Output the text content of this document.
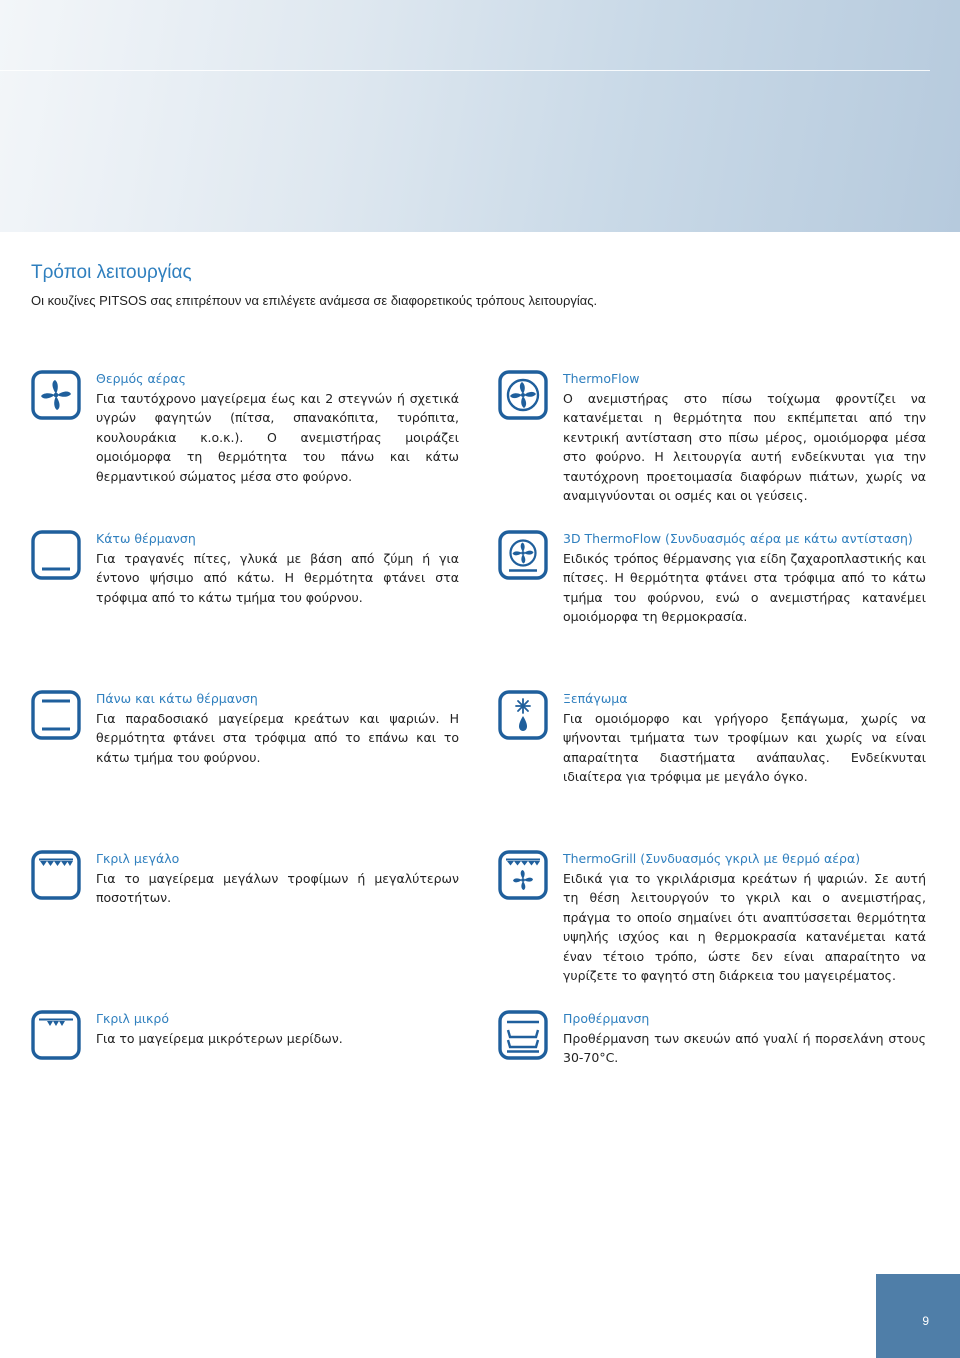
Τρόποι λειτουργίας

Οι κουζίνες PITSOS σας επιτρέπουν να επιλέγετε ανάμεσα σε διαφορετικούς τρόπους λειτουργίας.

Θερμός αέρας
Για ταυτόχρονο μαγείρεμα έως και 2 στεγνών ή σχετικά υγρών φαγητών (πίτσα, σπανακόπιτα, τυρόπιτα, κουλουράκια κ.ο.κ.). Ο ανεμιστήρας μοιράζει ομοιόμορφα τη θερμότητα του πάνω και κάτω θερμαντικού σώματος μέσα στο φούρνο.
ThermoFlow
Ο ανεμιστήρας στο πίσω τοίχωμα φροντίζει να κατανέμεται η θερμότητα που εκπέμπεται από την κεντρική αντίσταση στο πίσω μέρος, ομοιόμορφα μέσα στο φούρνο. Η λειτουργία αυτή ενδείκνυται για την ταυτόχρονη προετοιμασία διαφόρων πιάτων, χωρίς να αναμιγνύονται οι οσμές και οι γεύσεις.
Κάτω θέρμανση
Για τραγανές πίτες, γλυκά με βάση από ζύμη ή για έντονο ψήσιμο από κάτω. Η θερμότητα φτάνει στα τρόφιμα από το κάτω τμήμα του φούρνου.
3D ThermoFlow (Συνδυασμός αέρα με κάτω αντίσταση)
Ειδικός τρόπος θέρμανσης για είδη ζαχαροπλαστικής και πίτσες. Η θερμότητα φτάνει στα τρόφιμα από το κάτω τμήμα του φούρνου, ενώ ο ανεμιστήρας κατανέμει ομοιόμορφα τη θερμοκρασία.
Πάνω και κάτω θέρμανση
Για παραδοσιακό μαγείρεμα κρεάτων και ψαριών. Η θερμότητα φτάνει στα τρόφιμα από το επάνω και το κάτω τμήμα του φούρνου.
Ξεπάγωμα
Για ομοιόμορφο και γρήγορο ξεπάγωμα, χωρίς να ψήνονται τμήματα των τροφίμων και χωρίς να είναι απαραίτητα διαστήματα ανάπαυλας. Ενδείκνυται ιδιαίτερα για τρόφιμα με μεγάλο όγκο.
Γκριλ μεγάλο
Για το μαγείρεμα μεγάλων τροφίμων ή μεγαλύτερων ποσοτήτων.
ThermoGrill (Συνδυασμός γκριλ με θερμό αέρα)
Ειδικά για το γκριλάρισμα κρεάτων ή ψαριών. Σε αυτή τη θέση λειτουργούν το γκριλ και ο ανεμιστήρας, πράγμα το οποίο σημαίνει ότι αναπτύσσεται θερμότητα υψηλής ισχύος και η θερμοκρασία κατανέμεται κατά έναν τέτοιο τρόπο, ώστε δεν είναι απαραίτητο να γυρίζετε το φαγητό στη διάρκεια του μαγειρέματος.
Γκριλ μικρό
Για το μαγείρεμα μικρότερων μερίδων.
Προθέρμανση
Προθέρμανση των σκευών από γυαλί ή πορσελάνη στους 30-70°C.
9
